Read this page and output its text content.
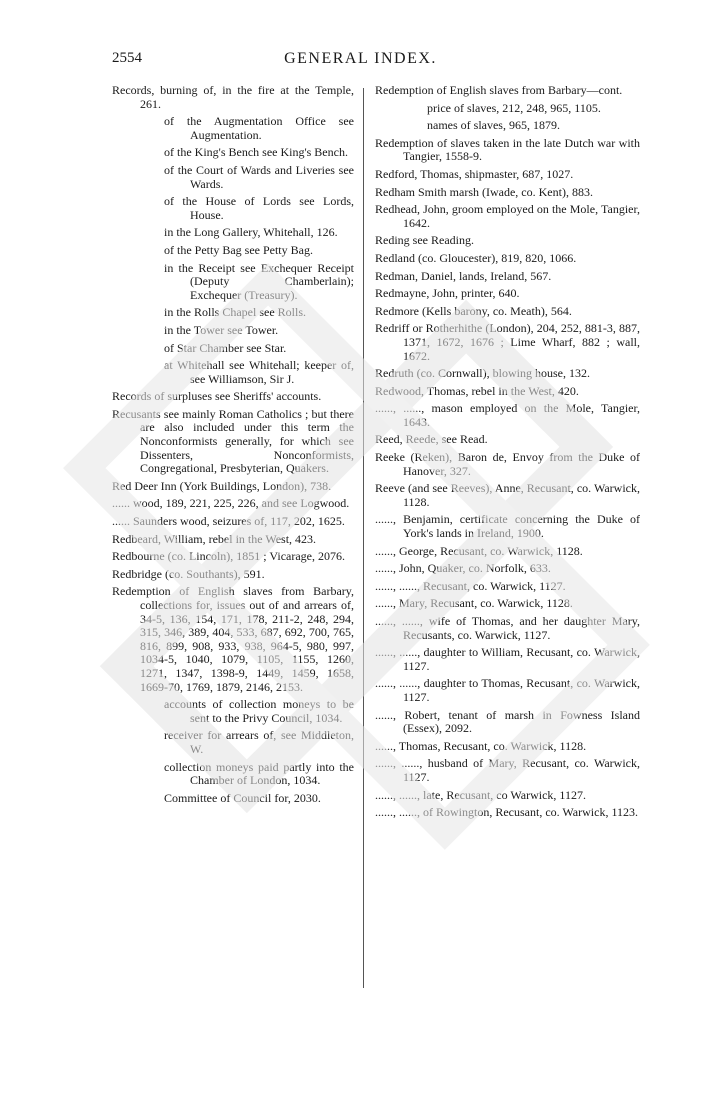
2554	GENERAL INDEX.

Records, burning of, in the fire at the Temple, 261.

of the Augmentation Office see Augmentation.

of the King's Bench see King's Bench.

of the Court of Wards and Liveries see Wards.

of the House of Lords see Lords, House.

in the Long Gallery, Whitehall, 126.

of the Petty Bag see Petty Bag.

in the Receipt see Exchequer Receipt (Deputy Chamberlain); Exchequer (Treasury).

in the Rolls Chapel see Rolls.

in the Tower see Tower.

of Star Chamber see Star.

at Whitehall see Whitehall; keeper of, see Williamson, Sir J.

Records of surpluses see Sheriffs' accounts.

Recusants see mainly Roman Catholics ; but there are also included under this term the Nonconformists generally, for which see Dissenters, Nonconformists, Congregational, Presbyterian, Quakers.

Red Deer Inn (York Buildings, London), 738.

...... wood, 189, 221, 225, 226, and see Logwood.

...... Saunders wood, seizures of, 117, 202, 1625.

Redbeard, William, rebel in the West, 423.

Redbourne (co. Lincoln), 1851 ; Vicarage, 2076.

Redbridge (co. Southants), 591.

Redemption of English slaves from Barbary, collections for, issues out of and arrears of, 34-5, 136, 154, 171, 178, 211-2, 248, 294, 315, 346, 389, 404, 533, 687, 692, 700, 765, 816, 899, 908, 933, 938, 964-5, 980, 997, 1034-5, 1040, 1079, 1105, 1155, 1260, 1271, 1347, 1398-9, 1449, 1459, 1658, 1669-70, 1769, 1879, 2146, 2153.

accounts of collection moneys to be sent to the Privy Council, 1034.

receiver for arrears of, see Middleton, W.

collection moneys paid partly into the Chamber of London, 1034.

Committee of Council for, 2030.

Redemption of English slaves from Barbary—cont.

price of slaves, 212, 248, 965, 1105.

names of slaves, 965, 1879.

Redemption of slaves taken in the late Dutch war with Tangier, 1558-9.

Redford, Thomas, shipmaster, 687, 1027.

Redham Smith marsh (Iwade, co. Kent), 883.

Redhead, John, groom employed on the Mole, Tangier, 1642.

Reding see Reading.

Redland (co. Gloucester), 819, 820, 1066.

Redman, Daniel, lands, Ireland, 567.

Redmayne, John, printer, 640.

Redmore (Kells barony, co. Meath), 564.

Redriff or Rotherhithe (London), 204, 252, 881-3, 887, 1371, 1672, 1676 ; Lime Wharf, 882 ; wall, 1672.

Redruth (co. Cornwall), blowing house, 132.

Redwood, Thomas, rebel in the West, 420.

......, ......, mason employed on the Mole, Tangier, 1643.

Reed, Reede, see Read.

Reeke (Reken), Baron de, Envoy from the Duke of Hanover, 327.

Reeve (and see Reeves), Anne, Recusant, co. Warwick, 1128.

......, Benjamin, certificate concerning the Duke of York's lands in Ireland, 1900.

......, George, Recusant, co. Warwick, 1128.

......, John, Quaker, co. Norfolk, 633.

......, ......, Recusant, co. Warwick, 1127.

......, Mary, Recusant, co. Warwick, 1128.

......, ......, wife of Thomas, and her daughter Mary, Recusants, co. Warwick, 1127.

......, ......, daughter to William, Recusant, co. Warwick, 1127.

......, ......, daughter to Thomas, Recusant, co. Warwick, 1127.

......, Robert, tenant of marsh in Fowness Island (Essex), 2092.

......, Thomas, Recusant, co. Warwick, 1128.

......, ......, husband of Mary, Recusant, co. Warwick, 1127.

......, ......, late, Recusant, co Warwick, 1127.

......, ......, of Rowington, Recusant, co. Warwick, 1123.
